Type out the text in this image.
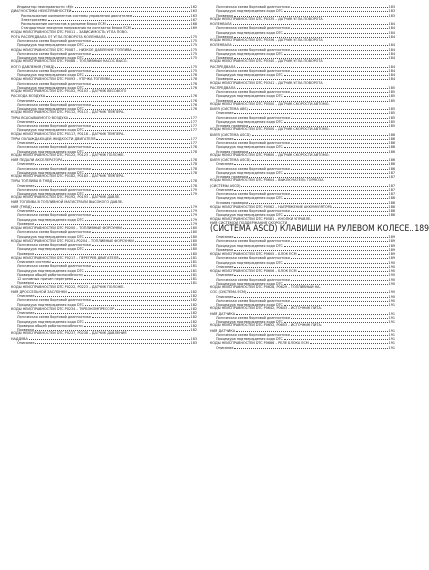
Индикатор неисправности «MI»	162
ДИАГНОСТИКА НЕИСПРАВНОСТЕЙ	163
Расположение компонентов системы управления двигателем	163
Электросхемы	167
Расположение контактов в разъеме блока ECM	168
Стандартные значения напряжения на контактах блока ECM	169
КОДЫ НЕИСПРАВНОСТЕЙ DTC P0011 – ЗАВИСИМОСТЬ УГЛА ПОВО-
РОТА РАСПРЕДВАЛА ОТ УГЛА ПОВОРОТА КОЛЕНВАЛА	175
Логическая схема бортовой диагностики	175
Процедура подтверждения кода DTC	175
КОДЫ НЕИСПРАВНОСТЕЙ DTC P0087 – НИЗКОЕ ДАВЛЕНИЕ ТОПЛИВА	175
Логическая схема бортовой диагностики	175
Процедура подтверждения кода DTC	175
КОДЫ НЕИСПРАВНОСТЕЙ DTC P0088 – ТОПЛИВНЫЙ НАСОС ВЫСО-
КОГО ДАВЛЕНИЯ (ТНВД)	175
Логическая схема бортовой диагностики	175
Процедура подтверждения кода DTC	176
КОДЫ НЕИСПРАВНОСТЕЙ DTC P0093 – УТЕЧКА ТОПЛИВА	176
Логическая схема бортовой диагностики	176
Процедура подтверждения кода DTC	176
КОДЫ НЕИСПРАВНОСТЕЙ DTC P0102, P0103 – ДАТЧИК ВЕСОВОГО
РАСХОДА ВОЗДУХА	176
Описание	176
Логическая схема бортовой диагностики	176
Процедура подтверждения кода DTC	176
КОДЫ НЕИСПРАВНОСТЕЙ DTC P0112, P0113 – ДАТЧИК ТЕМПЕРА-
ТУРЫ ВСАСЫВАЕМОГО ВОЗДУХА	177
Описание	177
Логическая схема бортовой диагностики	177
Процедура подтверждения кода DTC	177
КОДЫ НЕИСПРАВНОСТЕЙ DTC P0117, P0118 – ДАТЧИК ТЕМПЕРА-
ТУРЫ ОХЛАЖДАЮЩЕЙ ЖИДКОСТИ ДВИГАТЕЛЯ	177
Описание	177
Логическая схема бортовой диагностики	178
Процедура подтверждения кода DTC	178
КОДЫ НЕИСПРАВНОСТЕЙ DTC P0122, P0123 – ДАТЧИК ПОЛОЖЕ-
НИЯ ПЕДАЛИ АКСЕЛЕРАТОРА	178
Описание	178
Логическая схема бортовой диагностики	178
Процедура подтверждения кода DTC	178
КОДЫ НЕИСПРАВНОСТЕЙ DTC P0182, P0183 – ДАТЧИК ТЕМПЕРА-
ТУРЫ ТОПЛИВА В ТНВД	178
Описание	178
Логическая схема бортовой диагностики	179
Процедура подтверждения кода DTC	179
КОДЫ НЕИСПРАВНОСТЕЙ DTC P0192, P0193 – ДАТЧИК ДАВЛЕ-
НИЯ ТОПЛИВА В ТОПЛИВНОЙ МАГИСТРАЛИ ВЫСОКОГО ДАВЛЕ-
НИЯ (ТНВД)	179
Описание	179
Логическая схема бортовой диагностики	179
Процедура подтверждения кода DTC	179
Проверка	179
КОДЫ НЕИСПРАВНОСТЕЙ DTC P0200 – ТОПЛИВНЫЕ ФОРСУНКИ	180
Логическая схема бортовой диагностики	180
Процедура подтверждения кода DTC	180
КОДЫ НЕИСПРАВНОСТЕЙ DTC P0201-P0204 – ТОПЛИВНЫЕ ФОРСУНКИ	180
Логическая схема бортовой диагностики	180
Процедура подтверждения кода DTC	180
Проверка	180
КОДЫ НЕИСПРАВНОСТЕЙ DTC P0217 – ПЕРЕГРЕВ ДВИГАТЕЛЯ	181
Описание системы	181
Логическая схема бортовой диагностики	181
Процедура подтверждения кода DTC	181
Проверка общей работоспособности	181
12 основных причин перегрева	181
Проверка	181
КОДЫ НЕИСПРАВНОСТЕЙ DTC P0222, P0223 – ДАТЧИК ПОЛОЖЕ-
НИЯ ДРОССЕЛЬНОЙ ЗАСЛОНКИ	182
Описание	182
Логическая схема бортовой диагностики	182
Процедура подтверждения кода DTC	182
КОДЫ НЕИСПРАВНОСТЕЙ DTC P0234 – ТУРБОКОМПРЕССОР	182
Описание	182
Логическая схема бортовой диагностики	182
Процедура подтверждения кода DTC	182
Проверка общей работоспособности	182
Проверка	182
КОДЫ НЕИСПРАВНОСТЕЙ DTC P0237, P0238 – ДАТЧИК ДАВЛЕНИЯ
НАДДУВА	183
Описание	183
Логическая схема бортовой диагностики	183
Процедура подтверждения кода DTC	183
Проверка	183
КОДЫ НЕИСПРАВНОСТЕЙ DTC P0335 – ДАТЧИК УГЛА ПОВОРОТА
КОЛЕНВАЛА	184
Логическая схема бортовой диагностики	184
Процедура подтверждения кода DTC	184
Проверка	184
КОДЫ НЕИСПРАВНОСТЕЙ DTC P0336 – ДАТЧИК УГЛА ПОВОРОТА
КОЛЕНВАЛА	184
Логическая схема бортовой диагностики	184
Процедура подтверждения кода DTC	184
Проверка	184
КОДЫ НЕИСПРАВНОСТЕЙ DTC P0340 – ДАТЧИК УГЛА ПОВОРОТА
РАСПРЕДВАЛА	184
Логическая схема бортовой диагностики	184
Процедура подтверждения кода DTC	184
Проверка	184
КОДЫ НЕИСПРАВНОСТЕЙ DTC P0341 – ДАТЧИК УГЛА ПОВОРОТА
РАСПРЕДВАЛА	185
Логическая схема бортовой диагностики	185
Процедура подтверждения кода DTC	185
Проверка	185
КОДЫ НЕИСПРАВНОСТЕЙ DTC P0500 – ДАТЧИК СКОРОСТИ АВТОМО-
БИЛЯ (СИСТЕМА ABS)	185
Описание	185
Логическая схема бортовой диагностики	185
Процедура подтверждения кода DTC	185
Условия проверки	185
КОДЫ НЕИСПРАВНОСТЕЙ DTC P0500 – ДАТЧИК СКОРОСТИ АВТОМО-
БИЛЯ (СИСТЕМА ASCD)	186
Описание	186
Логическая схема бортовой диагностики	186
Процедура подтверждения кода DTC	186
Условия проверки	186
КОДЫ НЕИСПРАВНОСТЕЙ DTC P0600 – ДАТЧИК СКОРОСТИ АВТОМО-
БИЛЯ (СИСТЕМА ASCD)	186
Описание	186
Логическая схема бортовой диагностики	186
Процедура подтверждения кода DTC	187
Условия проверки	187
КОДЫ НЕИСПРАВНОСТЕЙ DTC P0604 – ВЫКЛЮЧАТЕЛЬ ТОРМОЗА
(СИСТЕМЫ ASCD)	187
Описание	187
Логическая схема бортовой диагностики	187
Процедура подтверждения кода DTC	188
Условия проверки	188
КОДЫ НЕИСПРАВНОСТЕЙ DTC P0562 – НАПРЯЖЕНИЕ АККУМУЛЯТОРА	188
Логическая схема бортовой диагностики	188
Процедура подтверждения кода DTC	188
КОДЫ НЕИСПРАВНОСТЕЙ DTC P0581 – КНОПКИ УПРАВЛЕ-
НИЯ СИСТЕМОЙ ПОДДЕРЖАНИЯ СКОРОСТИ
(СИСТЕМА ASCD) КЛАВИШИ НА РУЛЕВОМ КОЛЕСЕ 189
Описание	189
Логическая схема бортовой диагностики	189
Процедура подтверждения кода DTC	189
Проверка	189
КОДЫ НЕИСПРАВНОСТЕЙ DTC P0605 – БЛОК ECM	189
Логическая схема бортовой диагностики	189
Процедура подтверждения кода DTC	190
Описание	190
КОДЫ НЕИСПРАВНОСТЕЙ DTC P0606 – БЛОК ECM	190
Описание	190
Логическая схема бортовой диагностики	190
Процедура подтверждения кода DTC	190
КОДЫ НЕИСПРАВНОСТЕЙ DTC P0628, P0629 – ТОПЛИВНЫЙ НА-
СОС (СИСТЕМА ECM)	190
Описание	190
Логическая схема бортовой диагностики	190
Процедура подтверждения кода DTC	191
КОДЫ НЕИСПРАВНОСТЕЙ DTC P0642, P0643 – ИСТОЧНИК ПИТА-
НИЯ ДАТЧИКА	191
Логическая схема бортовой диагностики	191
Процедура подтверждения кода DTC	191
КОДЫ НЕИСПРАВНОСТЕЙ DTC P0652, P0653 – ИСТОЧНИК ПИТА-
НИЯ ДАТЧИКА	191
Логическая схема бортовой диагностики	191
Процедура подтверждения кода DTC	191
КОДЫ НЕИСПРАВНОСТЕЙ DTC P0686 – РЕЛЕ БЛОКА ECM	191
Описание	191
